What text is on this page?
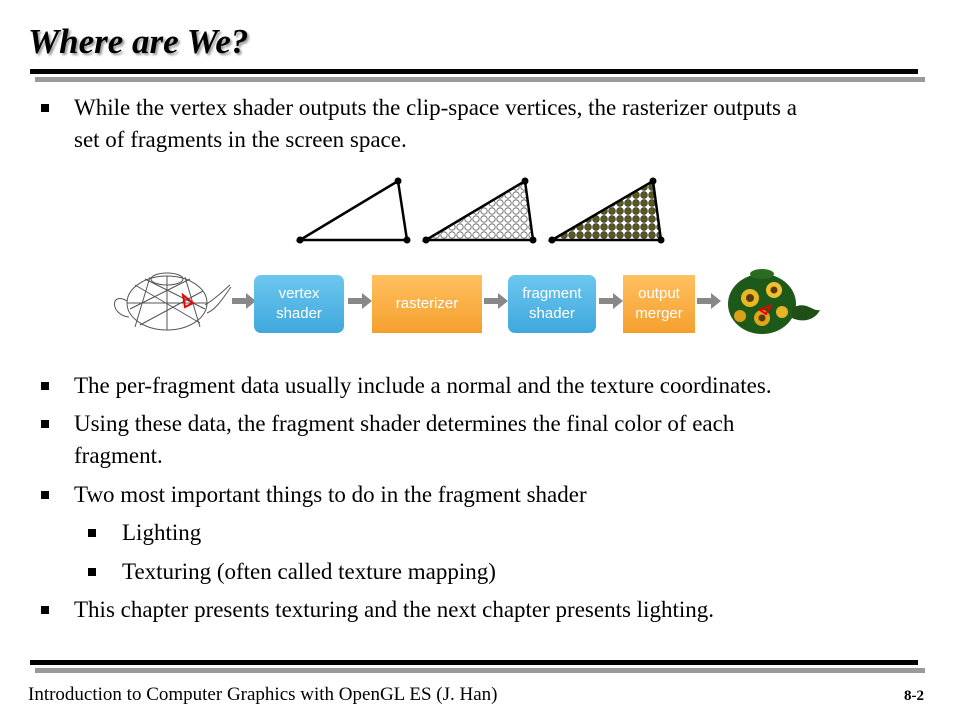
Where are We?
While the vertex shader outputs the clip-space vertices, the rasterizer outputs a
set of fragments in the screen space.
vertex
shader
rasterizer
fragment
shader
output
merger
The per-fragment data usually include a normal and the texture coordinates.
Using these data, the fragment shader determines the final color of each
fragment.
Two most important things to do in the fragment shader
Lighting
Texturing (often called texture mapping)
This chapter presents texturing and the next chapter presents lighting.
Introduction to Computer Graphics with OpenGL ES (J. Han)	8-2
